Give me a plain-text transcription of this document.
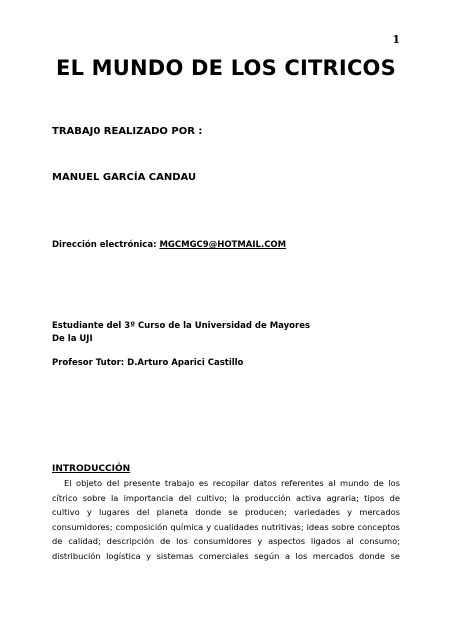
1
EL MUNDO DE LOS CITRICOS
TRABAJ0 REALIZADO POR :
MANUEL GARCÍA CANDAU
Dirección electrónica: MGCMGC9@HOTMAIL.COM
Estudiante del 3º Curso de la Universidad de Mayores
De la UJI
Profesor Tutor: D.Arturo Aparici Castillo
INTRODUCCIÓN
El objeto del presente trabajo es recopilar datos referentes al mundo de los
cítrico sobre la importancia del cultivo; la producción activa agraria; tipos de
cultivo y lugares del planeta donde se producen; variedades y mercados
consumidores; composición química y cualidades nutritivas; ideas sobre conceptos
de calidad; descripción de los consumidores y aspectos ligados al consumo;
distribución logística y sistemas comerciales según a los mercados donde se
